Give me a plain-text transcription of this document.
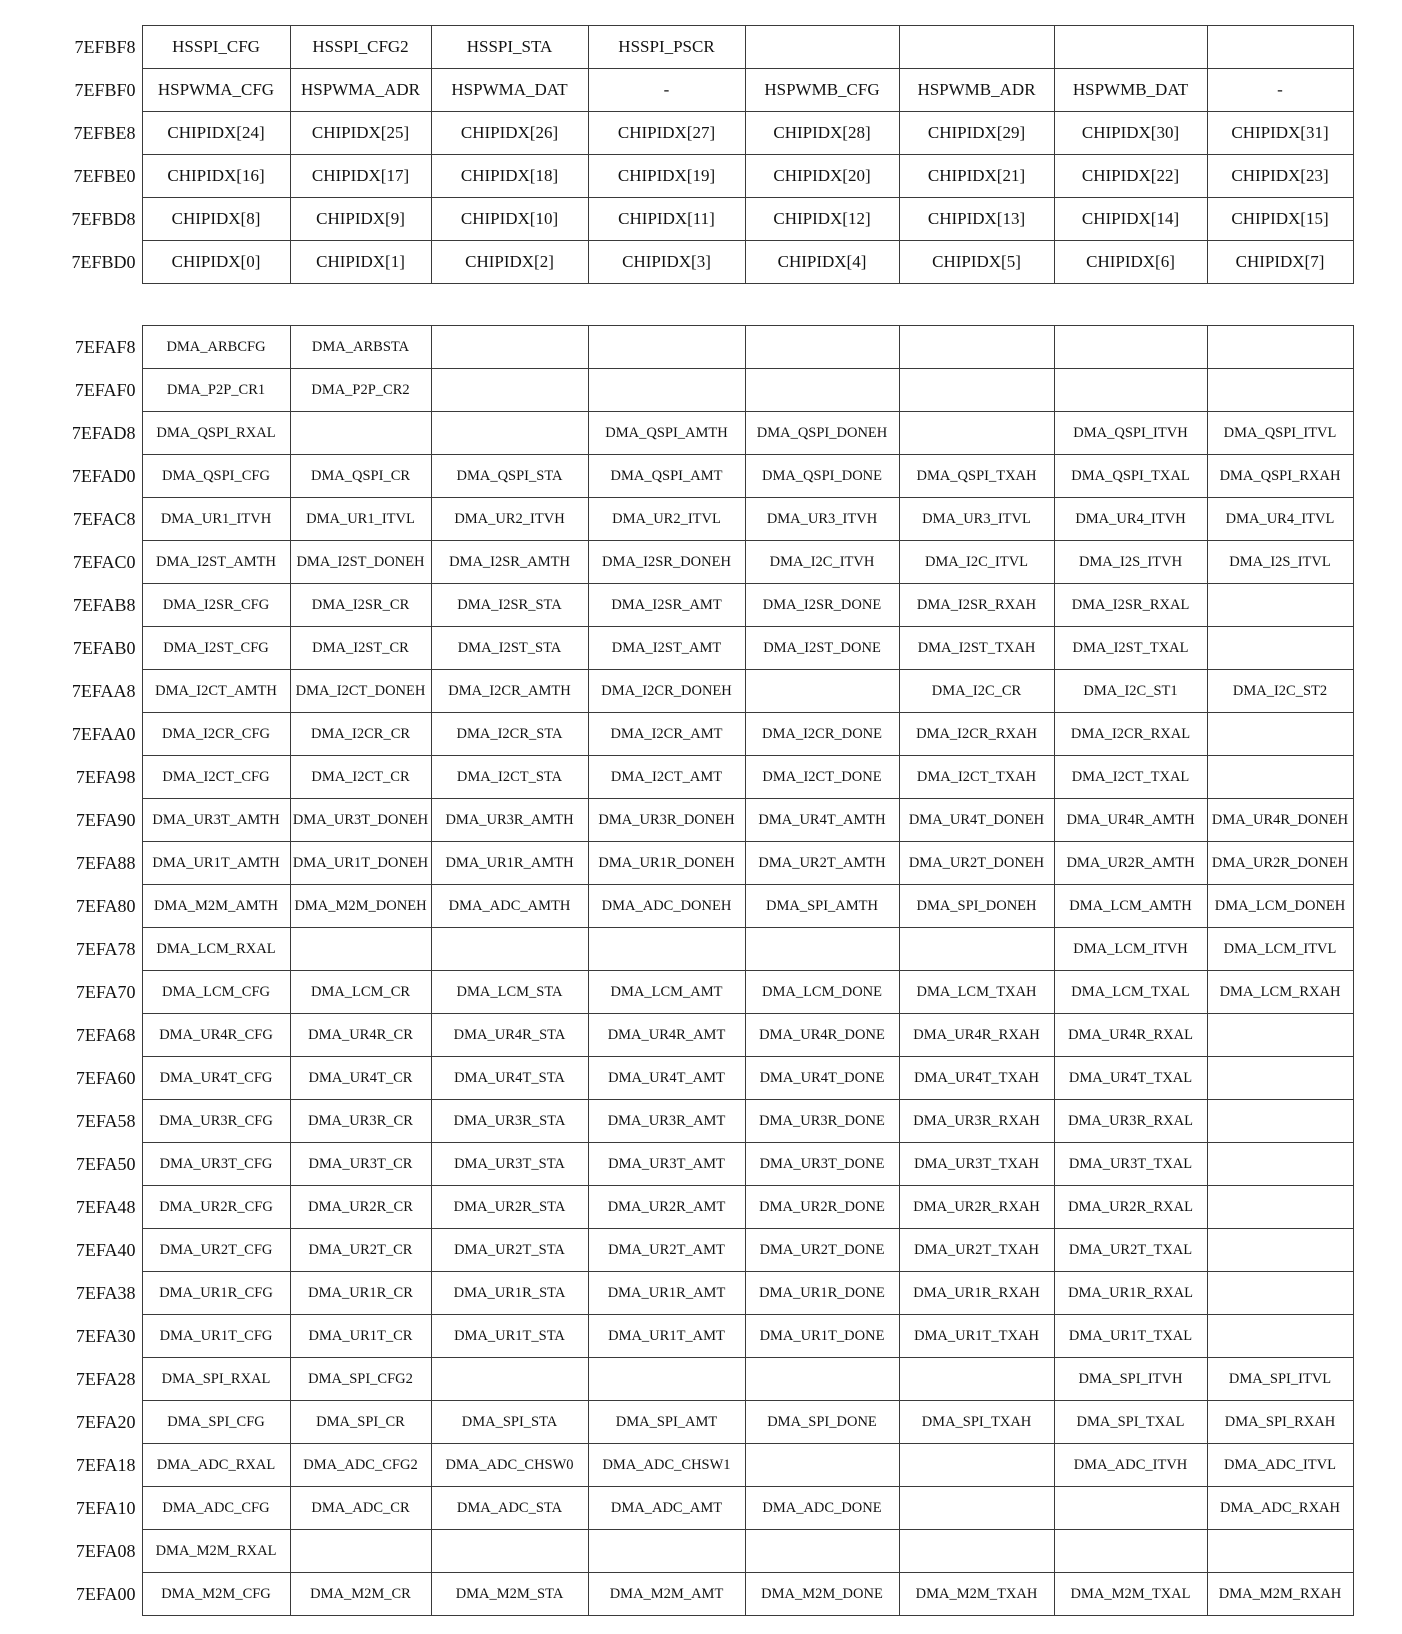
7EFBF8	HSSPI_CFG	HSSPI_CFG2	HSSPI_STA	HSSPI_PSCR				
7EFBF0	HSPWMA_CFG	HSPWMA_ADR	HSPWMA_DAT	-	HSPWMB_CFG	HSPWMB_ADR	HSPWMB_DAT	-
7EFBE8	CHIPIDX[24]	CHIPIDX[25]	CHIPIDX[26]	CHIPIDX[27]	CHIPIDX[28]	CHIPIDX[29]	CHIPIDX[30]	CHIPIDX[31]
7EFBE0	CHIPIDX[16]	CHIPIDX[17]	CHIPIDX[18]	CHIPIDX[19]	CHIPIDX[20]	CHIPIDX[21]	CHIPIDX[22]	CHIPIDX[23]
7EFBD8	CHIPIDX[8]	CHIPIDX[9]	CHIPIDX[10]	CHIPIDX[11]	CHIPIDX[12]	CHIPIDX[13]	CHIPIDX[14]	CHIPIDX[15]
7EFBD0	CHIPIDX[0]	CHIPIDX[1]	CHIPIDX[2]	CHIPIDX[3]	CHIPIDX[4]	CHIPIDX[5]	CHIPIDX[6]	CHIPIDX[7]
7EFAF8	DMA_ARBCFG	DMA_ARBSTA						
7EFAF0	DMA_P2P_CR1	DMA_P2P_CR2						
7EFAD8	DMA_QSPI_RXAL			DMA_QSPI_AMTH	DMA_QSPI_DONEH		DMA_QSPI_ITVH	DMA_QSPI_ITVL
7EFAD0	DMA_QSPI_CFG	DMA_QSPI_CR	DMA_QSPI_STA	DMA_QSPI_AMT	DMA_QSPI_DONE	DMA_QSPI_TXAH	DMA_QSPI_TXAL	DMA_QSPI_RXAH
7EFAC8	DMA_UR1_ITVH	DMA_UR1_ITVL	DMA_UR2_ITVH	DMA_UR2_ITVL	DMA_UR3_ITVH	DMA_UR3_ITVL	DMA_UR4_ITVH	DMA_UR4_ITVL
7EFAC0	DMA_I2ST_AMTH	DMA_I2ST_DONEH	DMA_I2SR_AMTH	DMA_I2SR_DONEH	DMA_I2C_ITVH	DMA_I2C_ITVL	DMA_I2S_ITVH	DMA_I2S_ITVL
7EFAB8	DMA_I2SR_CFG	DMA_I2SR_CR	DMA_I2SR_STA	DMA_I2SR_AMT	DMA_I2SR_DONE	DMA_I2SR_RXAH	DMA_I2SR_RXAL	
7EFAB0	DMA_I2ST_CFG	DMA_I2ST_CR	DMA_I2ST_STA	DMA_I2ST_AMT	DMA_I2ST_DONE	DMA_I2ST_TXAH	DMA_I2ST_TXAL	
7EFAA8	DMA_I2CT_AMTH	DMA_I2CT_DONEH	DMA_I2CR_AMTH	DMA_I2CR_DONEH		DMA_I2C_CR	DMA_I2C_ST1	DMA_I2C_ST2
7EFAA0	DMA_I2CR_CFG	DMA_I2CR_CR	DMA_I2CR_STA	DMA_I2CR_AMT	DMA_I2CR_DONE	DMA_I2CR_RXAH	DMA_I2CR_RXAL	
7EFA98	DMA_I2CT_CFG	DMA_I2CT_CR	DMA_I2CT_STA	DMA_I2CT_AMT	DMA_I2CT_DONE	DMA_I2CT_TXAH	DMA_I2CT_TXAL	
7EFA90	DMA_UR3T_AMTH	DMA_UR3T_DONEH	DMA_UR3R_AMTH	DMA_UR3R_DONEH	DMA_UR4T_AMTH	DMA_UR4T_DONEH	DMA_UR4R_AMTH	DMA_UR4R_DONEH
7EFA88	DMA_UR1T_AMTH	DMA_UR1T_DONEH	DMA_UR1R_AMTH	DMA_UR1R_DONEH	DMA_UR2T_AMTH	DMA_UR2T_DONEH	DMA_UR2R_AMTH	DMA_UR2R_DONEH
7EFA80	DMA_M2M_AMTH	DMA_M2M_DONEH	DMA_ADC_AMTH	DMA_ADC_DONEH	DMA_SPI_AMTH	DMA_SPI_DONEH	DMA_LCM_AMTH	DMA_LCM_DONEH
7EFA78	DMA_LCM_RXAL						DMA_LCM_ITVH	DMA_LCM_ITVL
7EFA70	DMA_LCM_CFG	DMA_LCM_CR	DMA_LCM_STA	DMA_LCM_AMT	DMA_LCM_DONE	DMA_LCM_TXAH	DMA_LCM_TXAL	DMA_LCM_RXAH
7EFA68	DMA_UR4R_CFG	DMA_UR4R_CR	DMA_UR4R_STA	DMA_UR4R_AMT	DMA_UR4R_DONE	DMA_UR4R_RXAH	DMA_UR4R_RXAL	
7EFA60	DMA_UR4T_CFG	DMA_UR4T_CR	DMA_UR4T_STA	DMA_UR4T_AMT	DMA_UR4T_DONE	DMA_UR4T_TXAH	DMA_UR4T_TXAL	
7EFA58	DMA_UR3R_CFG	DMA_UR3R_CR	DMA_UR3R_STA	DMA_UR3R_AMT	DMA_UR3R_DONE	DMA_UR3R_RXAH	DMA_UR3R_RXAL	
7EFA50	DMA_UR3T_CFG	DMA_UR3T_CR	DMA_UR3T_STA	DMA_UR3T_AMT	DMA_UR3T_DONE	DMA_UR3T_TXAH	DMA_UR3T_TXAL	
7EFA48	DMA_UR2R_CFG	DMA_UR2R_CR	DMA_UR2R_STA	DMA_UR2R_AMT	DMA_UR2R_DONE	DMA_UR2R_RXAH	DMA_UR2R_RXAL	
7EFA40	DMA_UR2T_CFG	DMA_UR2T_CR	DMA_UR2T_STA	DMA_UR2T_AMT	DMA_UR2T_DONE	DMA_UR2T_TXAH	DMA_UR2T_TXAL	
7EFA38	DMA_UR1R_CFG	DMA_UR1R_CR	DMA_UR1R_STA	DMA_UR1R_AMT	DMA_UR1R_DONE	DMA_UR1R_RXAH	DMA_UR1R_RXAL	
7EFA30	DMA_UR1T_CFG	DMA_UR1T_CR	DMA_UR1T_STA	DMA_UR1T_AMT	DMA_UR1T_DONE	DMA_UR1T_TXAH	DMA_UR1T_TXAL	
7EFA28	DMA_SPI_RXAL	DMA_SPI_CFG2					DMA_SPI_ITVH	DMA_SPI_ITVL
7EFA20	DMA_SPI_CFG	DMA_SPI_CR	DMA_SPI_STA	DMA_SPI_AMT	DMA_SPI_DONE	DMA_SPI_TXAH	DMA_SPI_TXAL	DMA_SPI_RXAH
7EFA18	DMA_ADC_RXAL	DMA_ADC_CFG2	DMA_ADC_CHSW0	DMA_ADC_CHSW1			DMA_ADC_ITVH	DMA_ADC_ITVL
7EFA10	DMA_ADC_CFG	DMA_ADC_CR	DMA_ADC_STA	DMA_ADC_AMT	DMA_ADC_DONE			DMA_ADC_RXAH
7EFA08	DMA_M2M_RXAL							
7EFA00	DMA_M2M_CFG	DMA_M2M_CR	DMA_M2M_STA	DMA_M2M_AMT	DMA_M2M_DONE	DMA_M2M_TXAH	DMA_M2M_TXAL	DMA_M2M_RXAH
